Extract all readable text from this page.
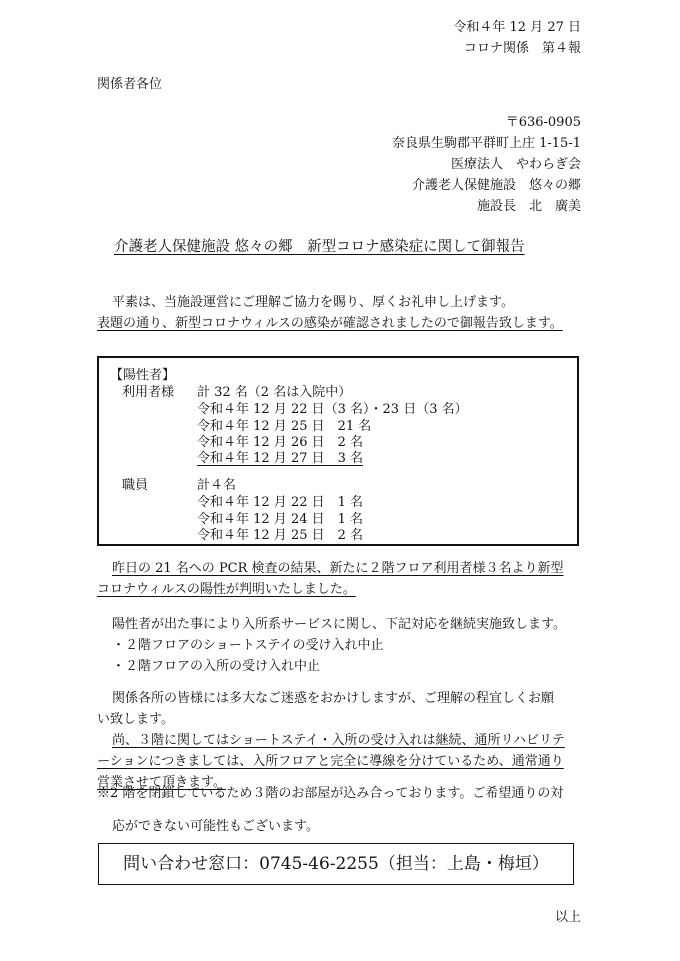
令和４年 12 月 27 日
コロナ関係　第４報
関係者各位
〒636-0905
奈良県生駒郡平群町上庄 1-15-1
医療法人　やわらぎ会
介護老人保健施設　悠々の郷
施設長　北　廣美
介護老人保健施設 悠々の郷　新型コロナ感染症に関して御報告
平素は、当施設運営にご理解ご協力を賜り、厚くお礼申し上げます。
表題の通り、新型コロナウィルスの感染が確認されましたので御報告致します。
【陽性者】
利用者様 計 32 名（2 名は入院中）
令和４年 12 月 22 日（3 名）・23 日（3 名）
令和４年 12 月 25 日　21 名
令和４年 12 月 26 日　2 名
令和４年 12 月 27 日　3 名
職員	計４名
令和４年 12 月 22 日　1 名
令和４年 12 月 24 日　1 名
令和４年 12 月 25 日　2 名
昨日の 21 名への PCR 検査の結果、新たに２階フロア利用者様３名より新型
コロナウィルスの陽性が判明いたしました。
陽性者が出た事により入所系サービスに関し、下記対応を継続実施致します。
・２階フロアのショートステイの受け入れ中止
・２階フロアの入所の受け入れ中止
関係各所の皆様には多大なご迷惑をおかけしますが、ご理解の程宜しくお願
い致します。
尚、３階に関してはショートステイ・入所の受け入れは継続、通所リハビリテ
ーションにつきましては、入所フロアと完全に導線を分けているため、通常通り
営業させて頂きます。
※2 階を閉鎖しているため３階のお部屋が込み合っております。ご希望通りの対
応ができない可能性もございます。
問い合わせ窓口：0745-46-2255（担当：上島・梅垣）
以上
